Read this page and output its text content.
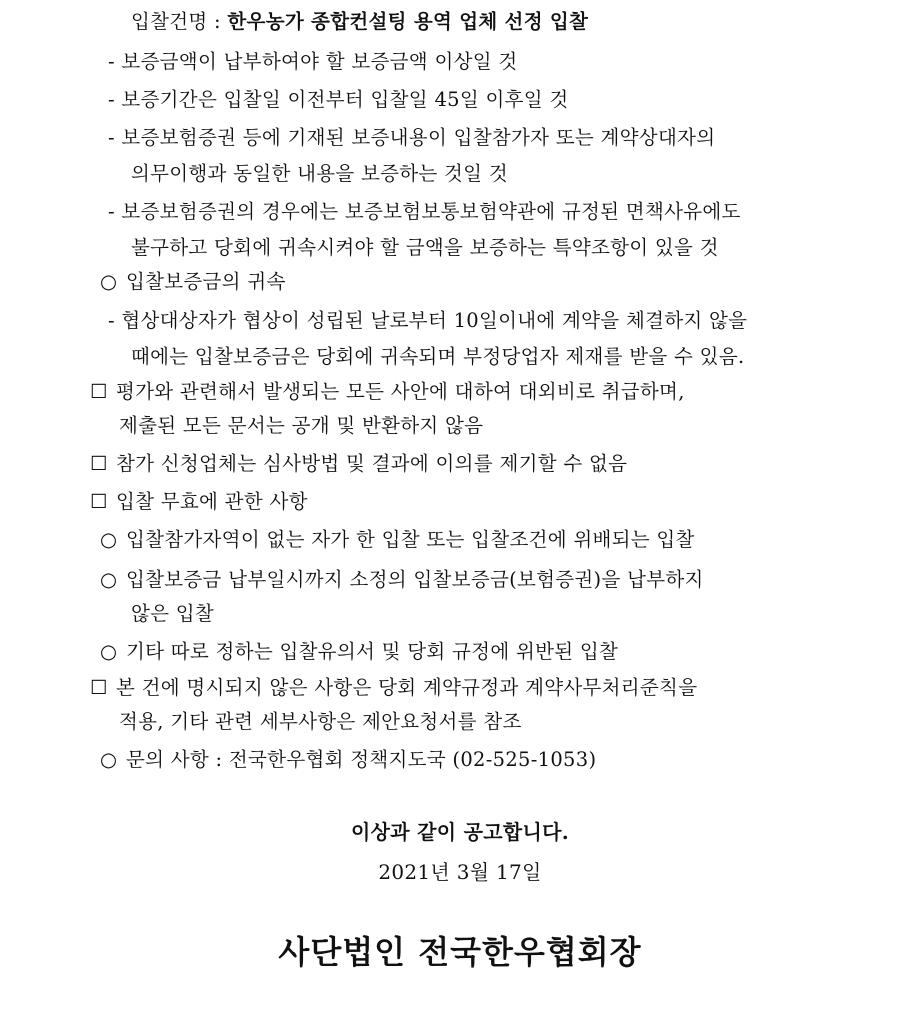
입찰건명 : 한우농가 종합컨설팅 용역 업체 선정 입찰
- 보증금액이 납부하여야 할 보증금액 이상일 것
- 보증기간은 입찰일 이전부터 입찰일 45일 이후일 것
- 보증보험증권 등에 기재된 보증내용이 입찰참가자 또는 계약상대자의
의무이행과 동일한 내용을 보증하는 것일 것
- 보증보험증권의 경우에는 보증보험보통보험약관에 규정된 면책사유에도
불구하고 당회에 귀속시켜야 할 금액을 보증하는 특약조항이 있을 것
○ 입찰보증금의 귀속
- 협상대상자가 협상이 성립된 날로부터 10일이내에 계약을 체결하지 않을
때에는 입찰보증금은 당회에 귀속되며 부정당업자 제재를 받을 수 있음.
☐ 평가와 관련해서 발생되는 모든 사안에 대하여 대외비로 취급하며,
제출된 모든 문서는 공개 및 반환하지 않음
☐ 참가 신청업체는 심사방법 및 결과에 이의를 제기할 수 없음
☐ 입찰 무효에 관한 사항
○ 입찰참가자역이 없는 자가 한 입찰 또는 입찰조건에 위배되는 입찰
○ 입찰보증금 납부일시까지 소정의 입찰보증금(보험증권)을 납부하지
않은 입찰
○ 기타 따로 정하는 입찰유의서 및 당회 규정에 위반된 입찰
☐ 본 건에 명시되지 않은 사항은 당회 계약규정과 계약사무처리준칙을
적용, 기타 관련 세부사항은 제안요청서를 참조
○ 문의 사항 : 전국한우협회 정책지도국 (02-525-1053)
이상과 같이 공고합니다.
2021년 3월 17일
사단법인 전국한우협회장
